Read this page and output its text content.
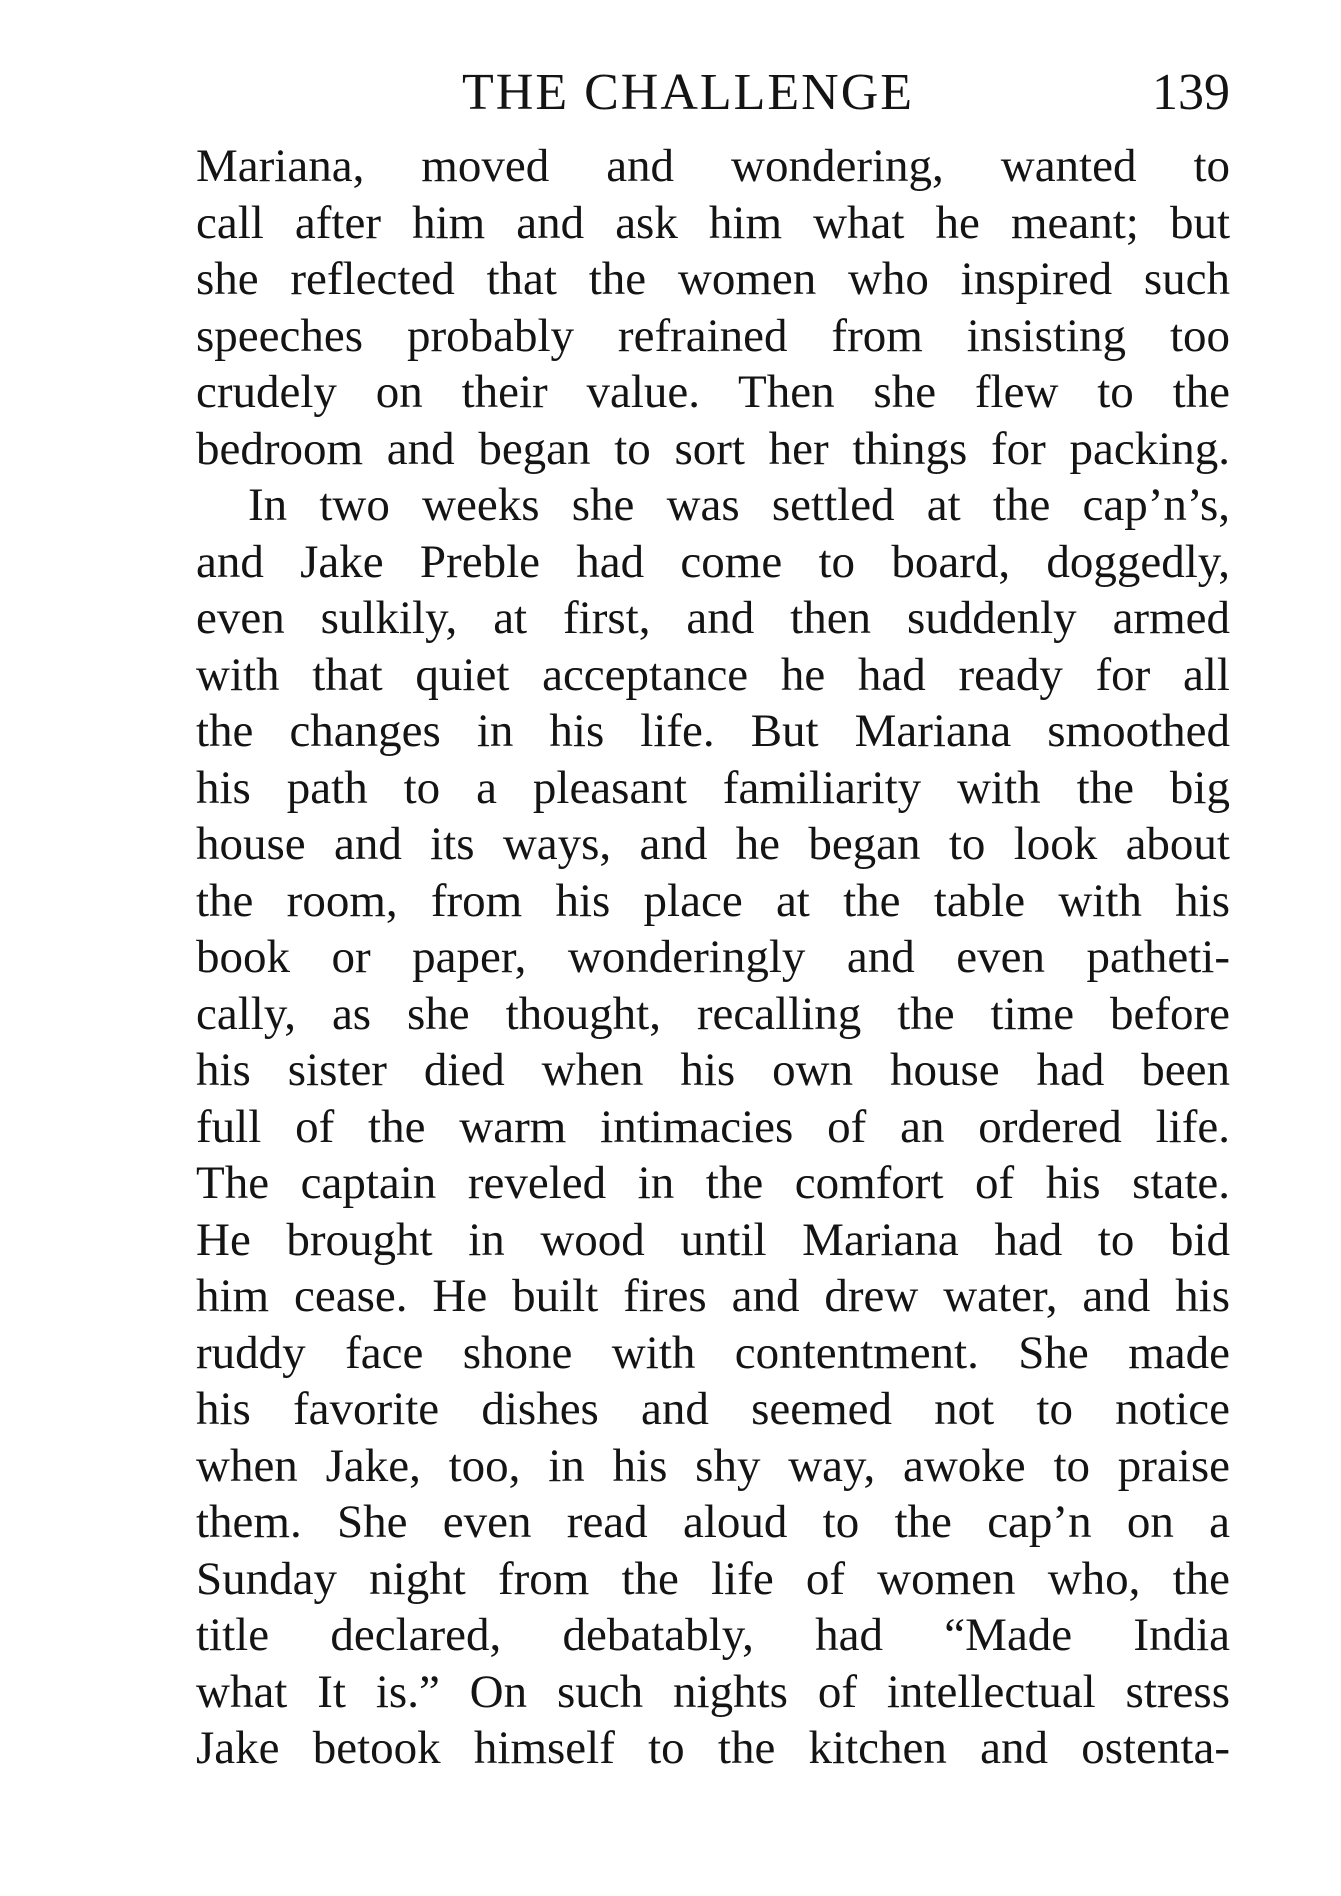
THE CHALLENGE	139
Mariana, moved and wondering, wanted to
call after him and ask him what he meant; but
she reflected that the women who inspired such
speeches probably refrained from insisting too
crudely on their value. Then she flew to the
bedroom and began to sort her things for packing.
In two weeks she was settled at the cap’n’s,
and Jake Preble had come to board, doggedly,
even sulkily, at first, and then suddenly armed
with that quiet acceptance he had ready for all
the changes in his life. But Mariana smoothed
his path to a pleasant familiarity with the big
house and its ways, and he began to look about
the room, from his place at the table with his
book or paper, wonderingly and even patheti-
cally, as she thought, recalling the time before
his sister died when his own house had been
full of the warm intimacies of an ordered life.
The captain reveled in the comfort of his state.
He brought in wood until Mariana had to bid
him cease. He built fires and drew water, and his
ruddy face shone with contentment. She made
his favorite dishes and seemed not to notice
when Jake, too, in his shy way, awoke to praise
them. She even read aloud to the cap’n on a
Sunday night from the life of women who, the
title declared, debatably, had “Made India
what It is.” On such nights of intellectual stress
Jake betook himself to the kitchen and ostenta-
